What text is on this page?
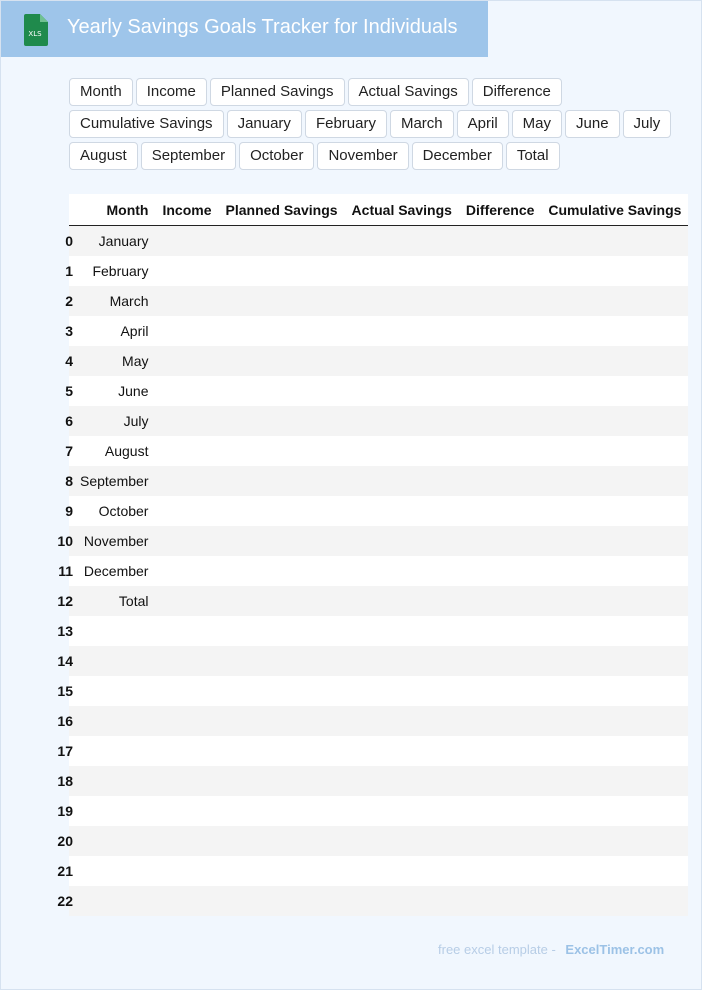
XLS Yearly Savings Goals Tracker for Individuals
Month	Income	Planned Savings	Actual Savings	Difference
Cumulative Savings	January	February	March	April	May	June	July
August	September	October	November	December	Total
	Month	Income	Planned Savings	Actual Savings	Difference	Cumulative Savings

0	January					

1	February					

2	March					

3	April					

4	May					

5	June					

6	July					

7	August					

8	September					

9	October					

10	November					

11	December					

12	Total					

13						

14						

15						

16						

17						

18						

19						

20						

21						

22						

free excel template - ExcelTimer.com
